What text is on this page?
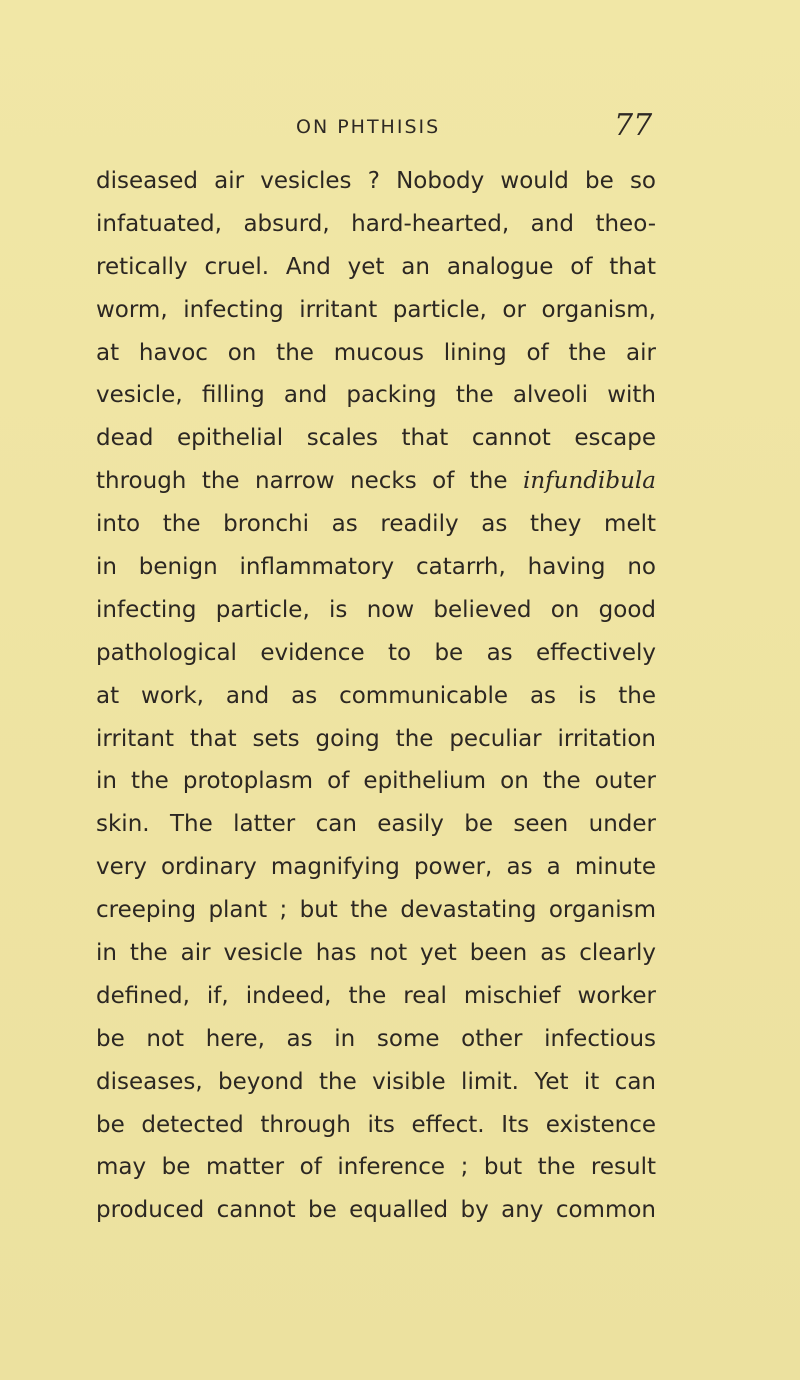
ON PHTHISIS	77
diseased air vesicles ? Nobody would be so
infatuated, absurd, hard-hearted, and theo-
retically cruel. And yet an analogue of that
worm, infecting irritant particle, or organism,
at havoc on the mucous lining of the air
vesicle, filling and packing the alveoli with
dead epithelial scales that cannot escape
through the narrow necks of the infundibula
into the bronchi as readily as they melt
in benign inflammatory catarrh, having no
infecting particle, is now believed on good
pathological evidence to be as effectively
at work, and as communicable as is the
irritant that sets going the peculiar irritation
in the protoplasm of epithelium on the outer
skin. The latter can easily be seen under
very ordinary magnifying power, as a minute
creeping plant ; but the devastating organism
in the air vesicle has not yet been as clearly
defined, if, indeed, the real mischief worker
be not here, as in some other infectious
diseases, beyond the visible limit. Yet it can
be detected through its effect. Its existence
may be matter of inference ; but the result
produced cannot be equalled by any common
